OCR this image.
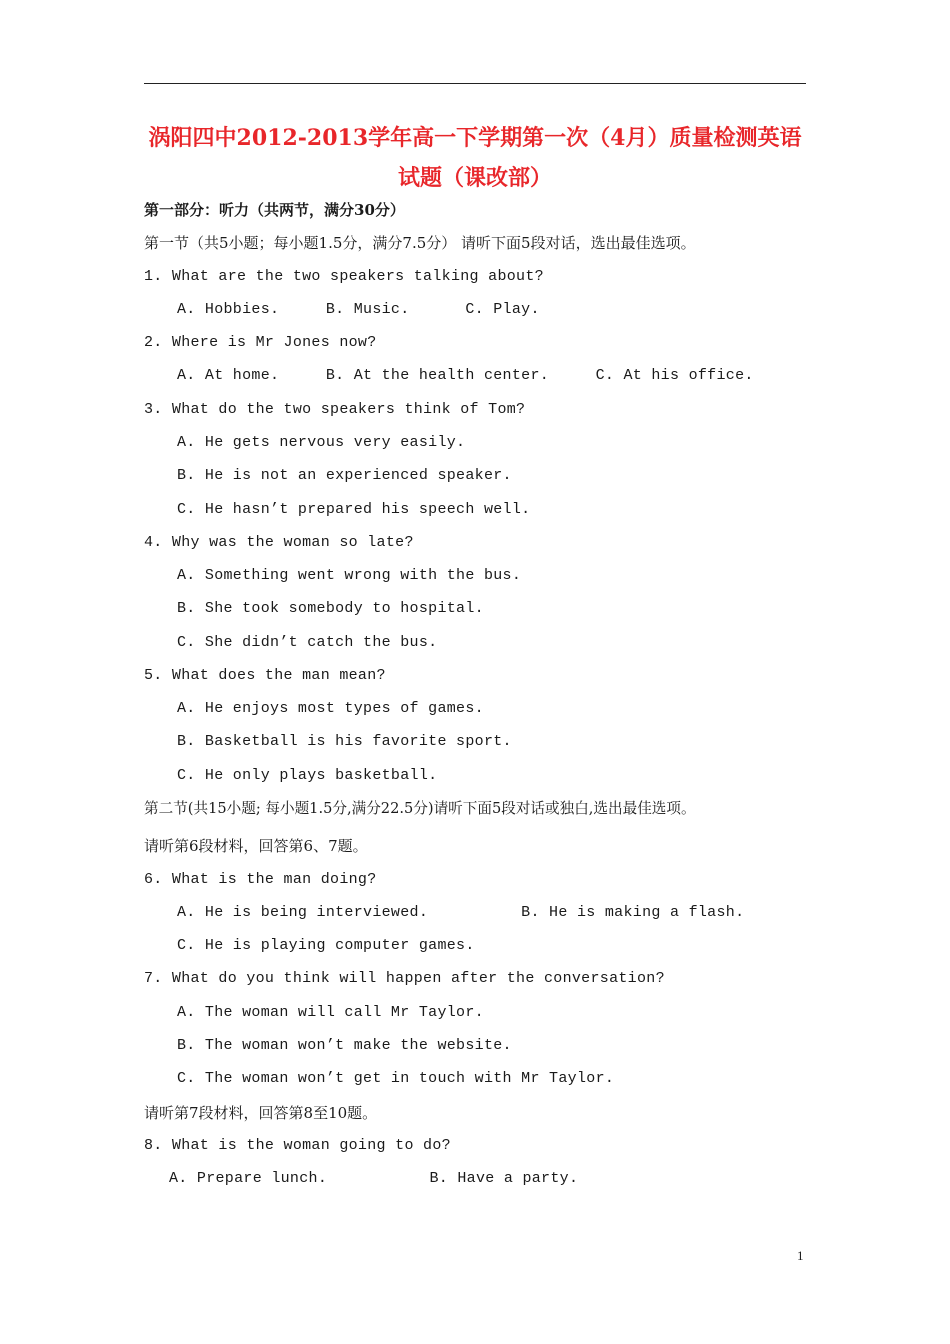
涡阳四中2012-2013学年高一下学期第一次（4月）质量检测英语试题（课改部）
第一部分：听力（共两节，满分30分）
第一节（共5小题；每小题1.5分，满分7.5分） 请听下面5段对话，选出最佳选项。
1. What are the two speakers talking about?
A. Hobbies.     B. Music.      C. Play.
2. Where is Mr Jones now?
A. At home.     B. At the health center.     C. At his office.
3. What do the two speakers think of Tom?
A. He gets nervous very easily.
B. He is not an experienced speaker.
C. He hasn’t prepared his speech well.
4. Why was the woman so late?
A. Something went wrong with the bus.
B. She took somebody to hospital.
C. She didn’t catch the bus.
5. What does the man mean?
A. He enjoys most types of games.
B. Basketball is his favorite sport.
C. He only plays basketball.
第二节(共15小题; 每小题1.5分,满分22.5分)请听下面5段对话或独白,选出最佳选项。
请听第6段材料，回答第6、7题。
6. What is the man doing?
A. He is being interviewed.          B. He is making a flash.
C. He is playing computer games.
7. What do you think will happen after the conversation?
A. The woman will call Mr Taylor.
B. The woman won’t make the website.
C. The woman won’t get in touch with Mr Taylor.
请听第7段材料，回答第8至10题。
8. What is the woman going to do?
A. Prepare lunch.           B. Have a party.
1
